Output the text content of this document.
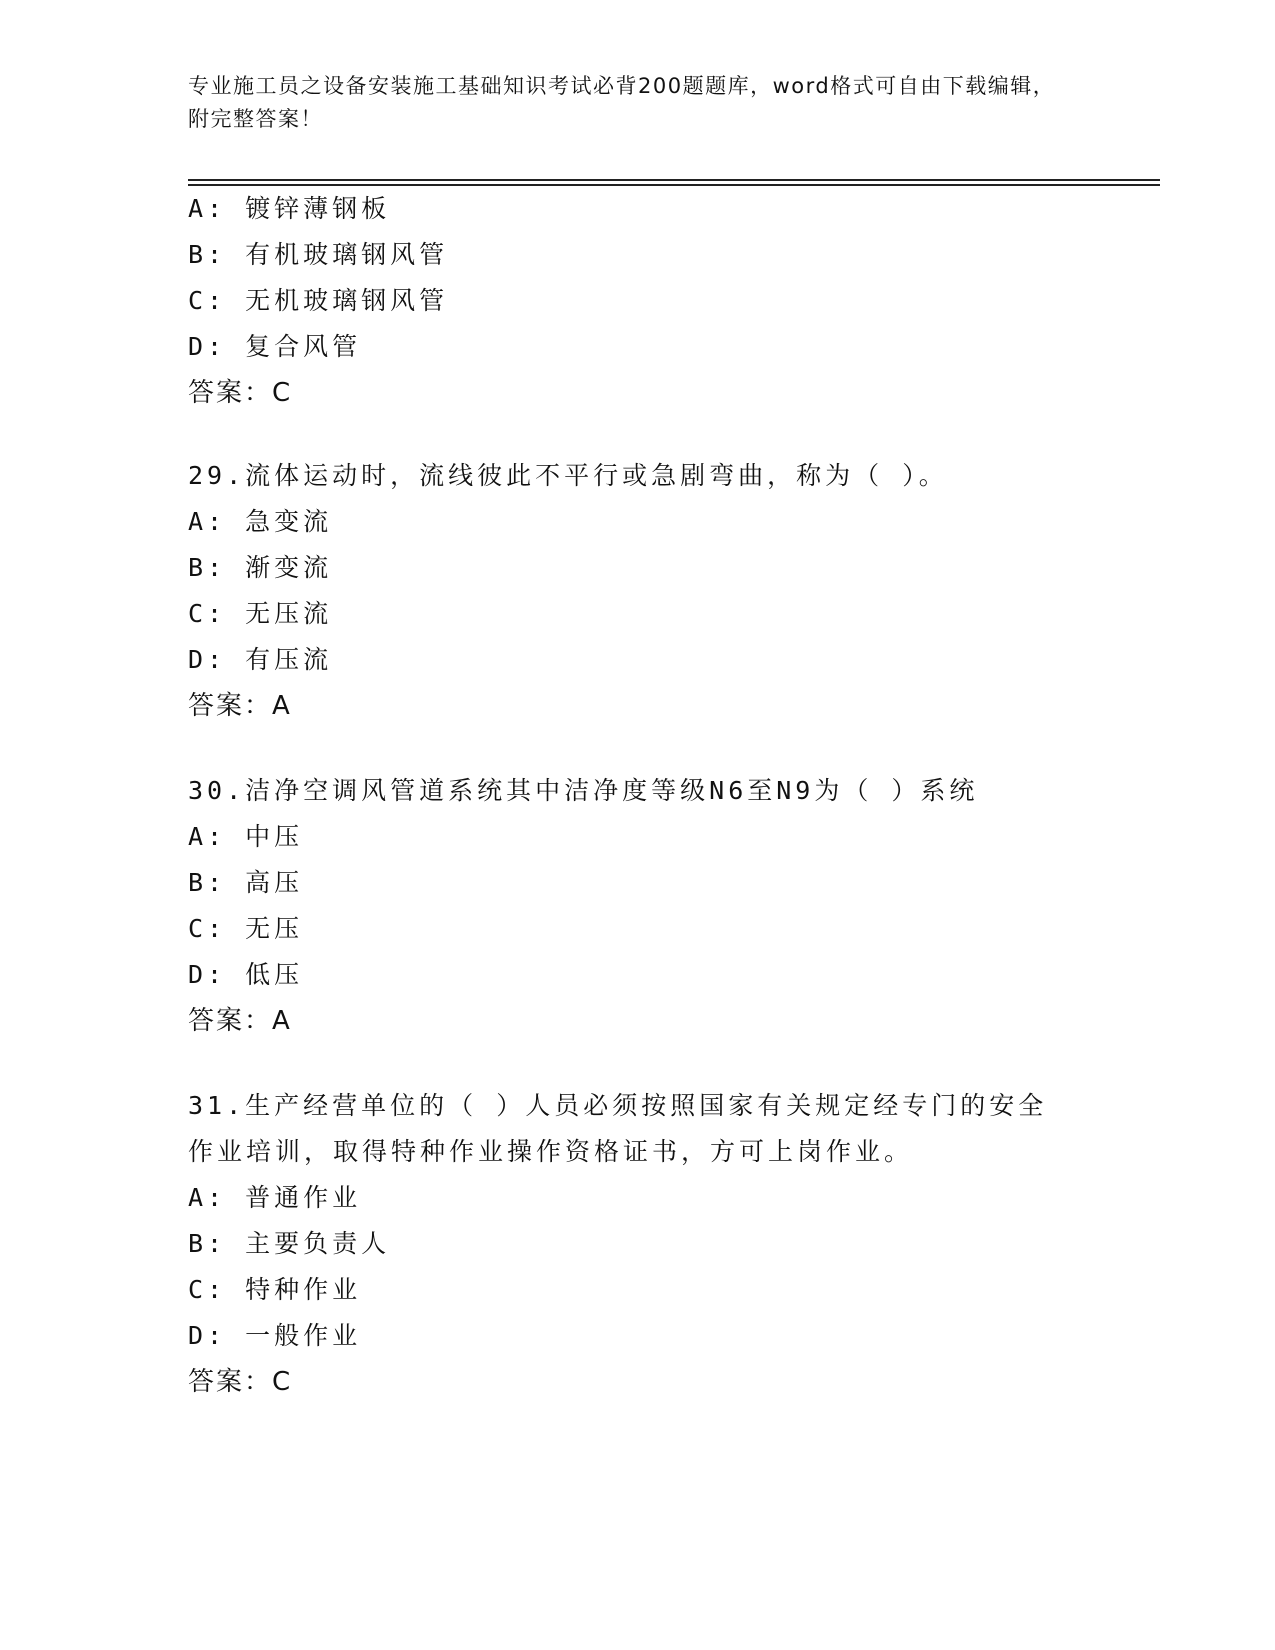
专业施工员之设备安装施工基础知识考试必背200题题库，word格式可自由下载编辑，附完整答案！
A: 镀锌薄钢板
B: 有机玻璃钢风管
C: 无机玻璃钢风管
D: 复合风管
答案：C
29.流体运动时，流线彼此不平行或急剧弯曲，称为（ ）。
A: 急变流
B: 渐变流
C: 无压流
D: 有压流
答案：A
30.洁净空调风管道系统其中洁净度等级N6至N9为（ ）系统
A: 中压
B: 高压
C: 无压
D: 低压
答案：A
31.生产经营单位的（ ）人员必须按照国家有关规定经专门的安全作业培训，取得特种作业操作资格证书，方可上岗作业。
A: 普通作业
B: 主要负责人
C: 特种作业
D: 一般作业
答案：C
